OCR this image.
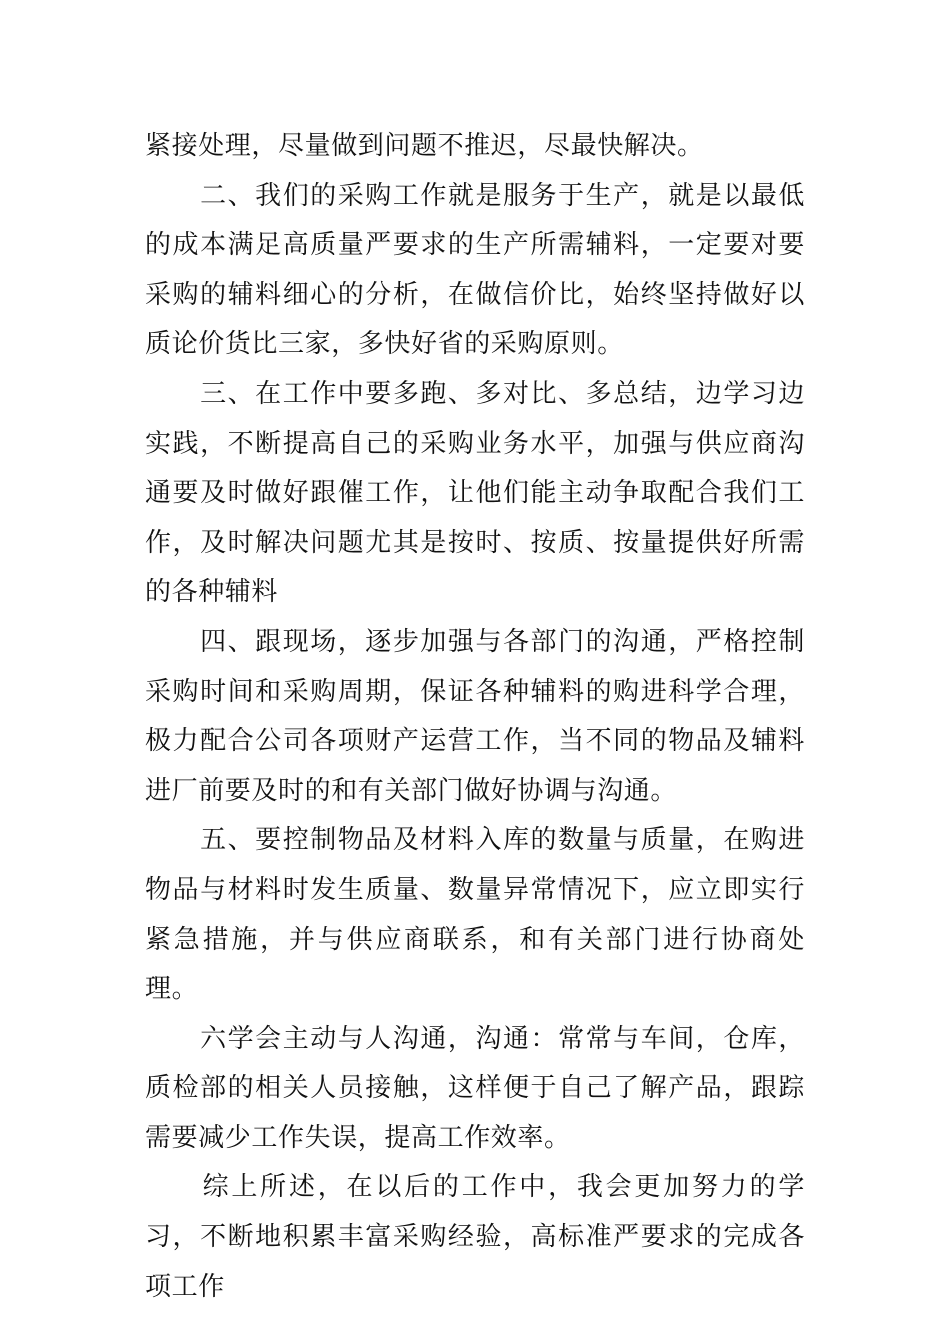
紧接处理，尽量做到问题不推迟，尽最快解决。

　　二、我们的采购工作就是服务于生产，就是以最低的成本满足高质量严要求的生产所需辅料，一定要对要采购的辅料细心的分析，在做信价比，始终坚持做好以质论价货比三家，多快好省的采购原则。

　　三、在工作中要多跑、多对比、多总结，边学习边实践，不断提高自己的采购业务水平，加强与供应商沟通要及时做好跟催工作，让他们能主动争取配合我们工作，及时解决问题尤其是按时、按质、按量提供好所需的各种辅料

　　四、跟现场，逐步加强与各部门的沟通，严格控制采购时间和采购周期，保证各种辅料的购进科学合理，极力配合公司各项财产运营工作，当不同的物品及辅料进厂前要及时的和有关部门做好协调与沟通。

　　五、要控制物品及材料入库的数量与质量，在购进物品与材料时发生质量、数量异常情况下，应立即实行紧急措施，并与供应商联系，和有关部门进行协商处理。

　　六学会主动与人沟通，沟通：常常与车间，仓库，质检部的相关人员接触，这样便于自己了解产品，跟踪需要减少工作失误，提高工作效率。

　　综上所述，在以后的工作中，我会更加努力的学习，不断地积累丰富采购经验，高标准严要求的完成各项工作
